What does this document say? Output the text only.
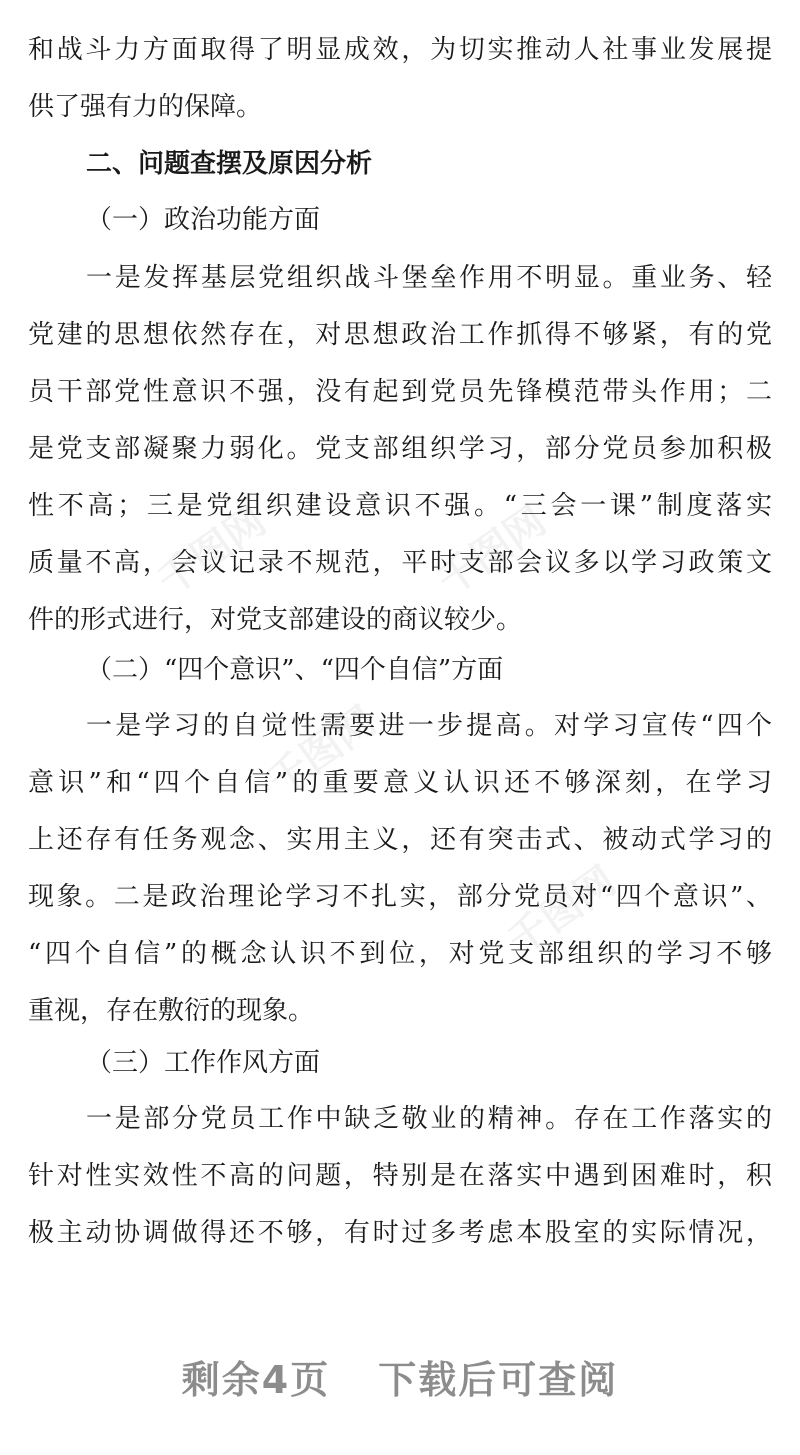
千图网	千图网
千图网
千图网
和战斗力方面取得了明显成效，为切实推动人社事业发展提
供了强有力的保障。
二、问题查摆及原因分析
（一）政治功能方面
一是发挥基层党组织战斗堡垒作用不明显。重业务、轻
党建的思想依然存在，对思想政治工作抓得不够紧，有的党
员干部党性意识不强，没有起到党员先锋模范带头作用；二
是党支部凝聚力弱化。党支部组织学习，部分党员参加积极
性不高；三是党组织建设意识不强。“三会一课”制度落实
质量不高，会议记录不规范，平时支部会议多以学习政策文
件的形式进行，对党支部建设的商议较少。
（二）“四个意识”、“四个自信”方面
一是学习的自觉性需要进一步提高。对学习宣传“四个
意识”和“四个自信”的重要意义认识还不够深刻，在学习
上还存有任务观念、实用主义，还有突击式、被动式学习的
现象。二是政治理论学习不扎实，部分党员对“四个意识”、
“四个自信”的概念认识不到位，对党支部组织的学习不够
重视，存在敷衍的现象。
（三）工作作风方面
一是部分党员工作中缺乏敬业的精神。存在工作落实的
针对性实效性不高的问题，特别是在落实中遇到困难时，积
极主动协调做得还不够，有时过多考虑本股室的实际情况，
剩余4页 下载后可查阅
